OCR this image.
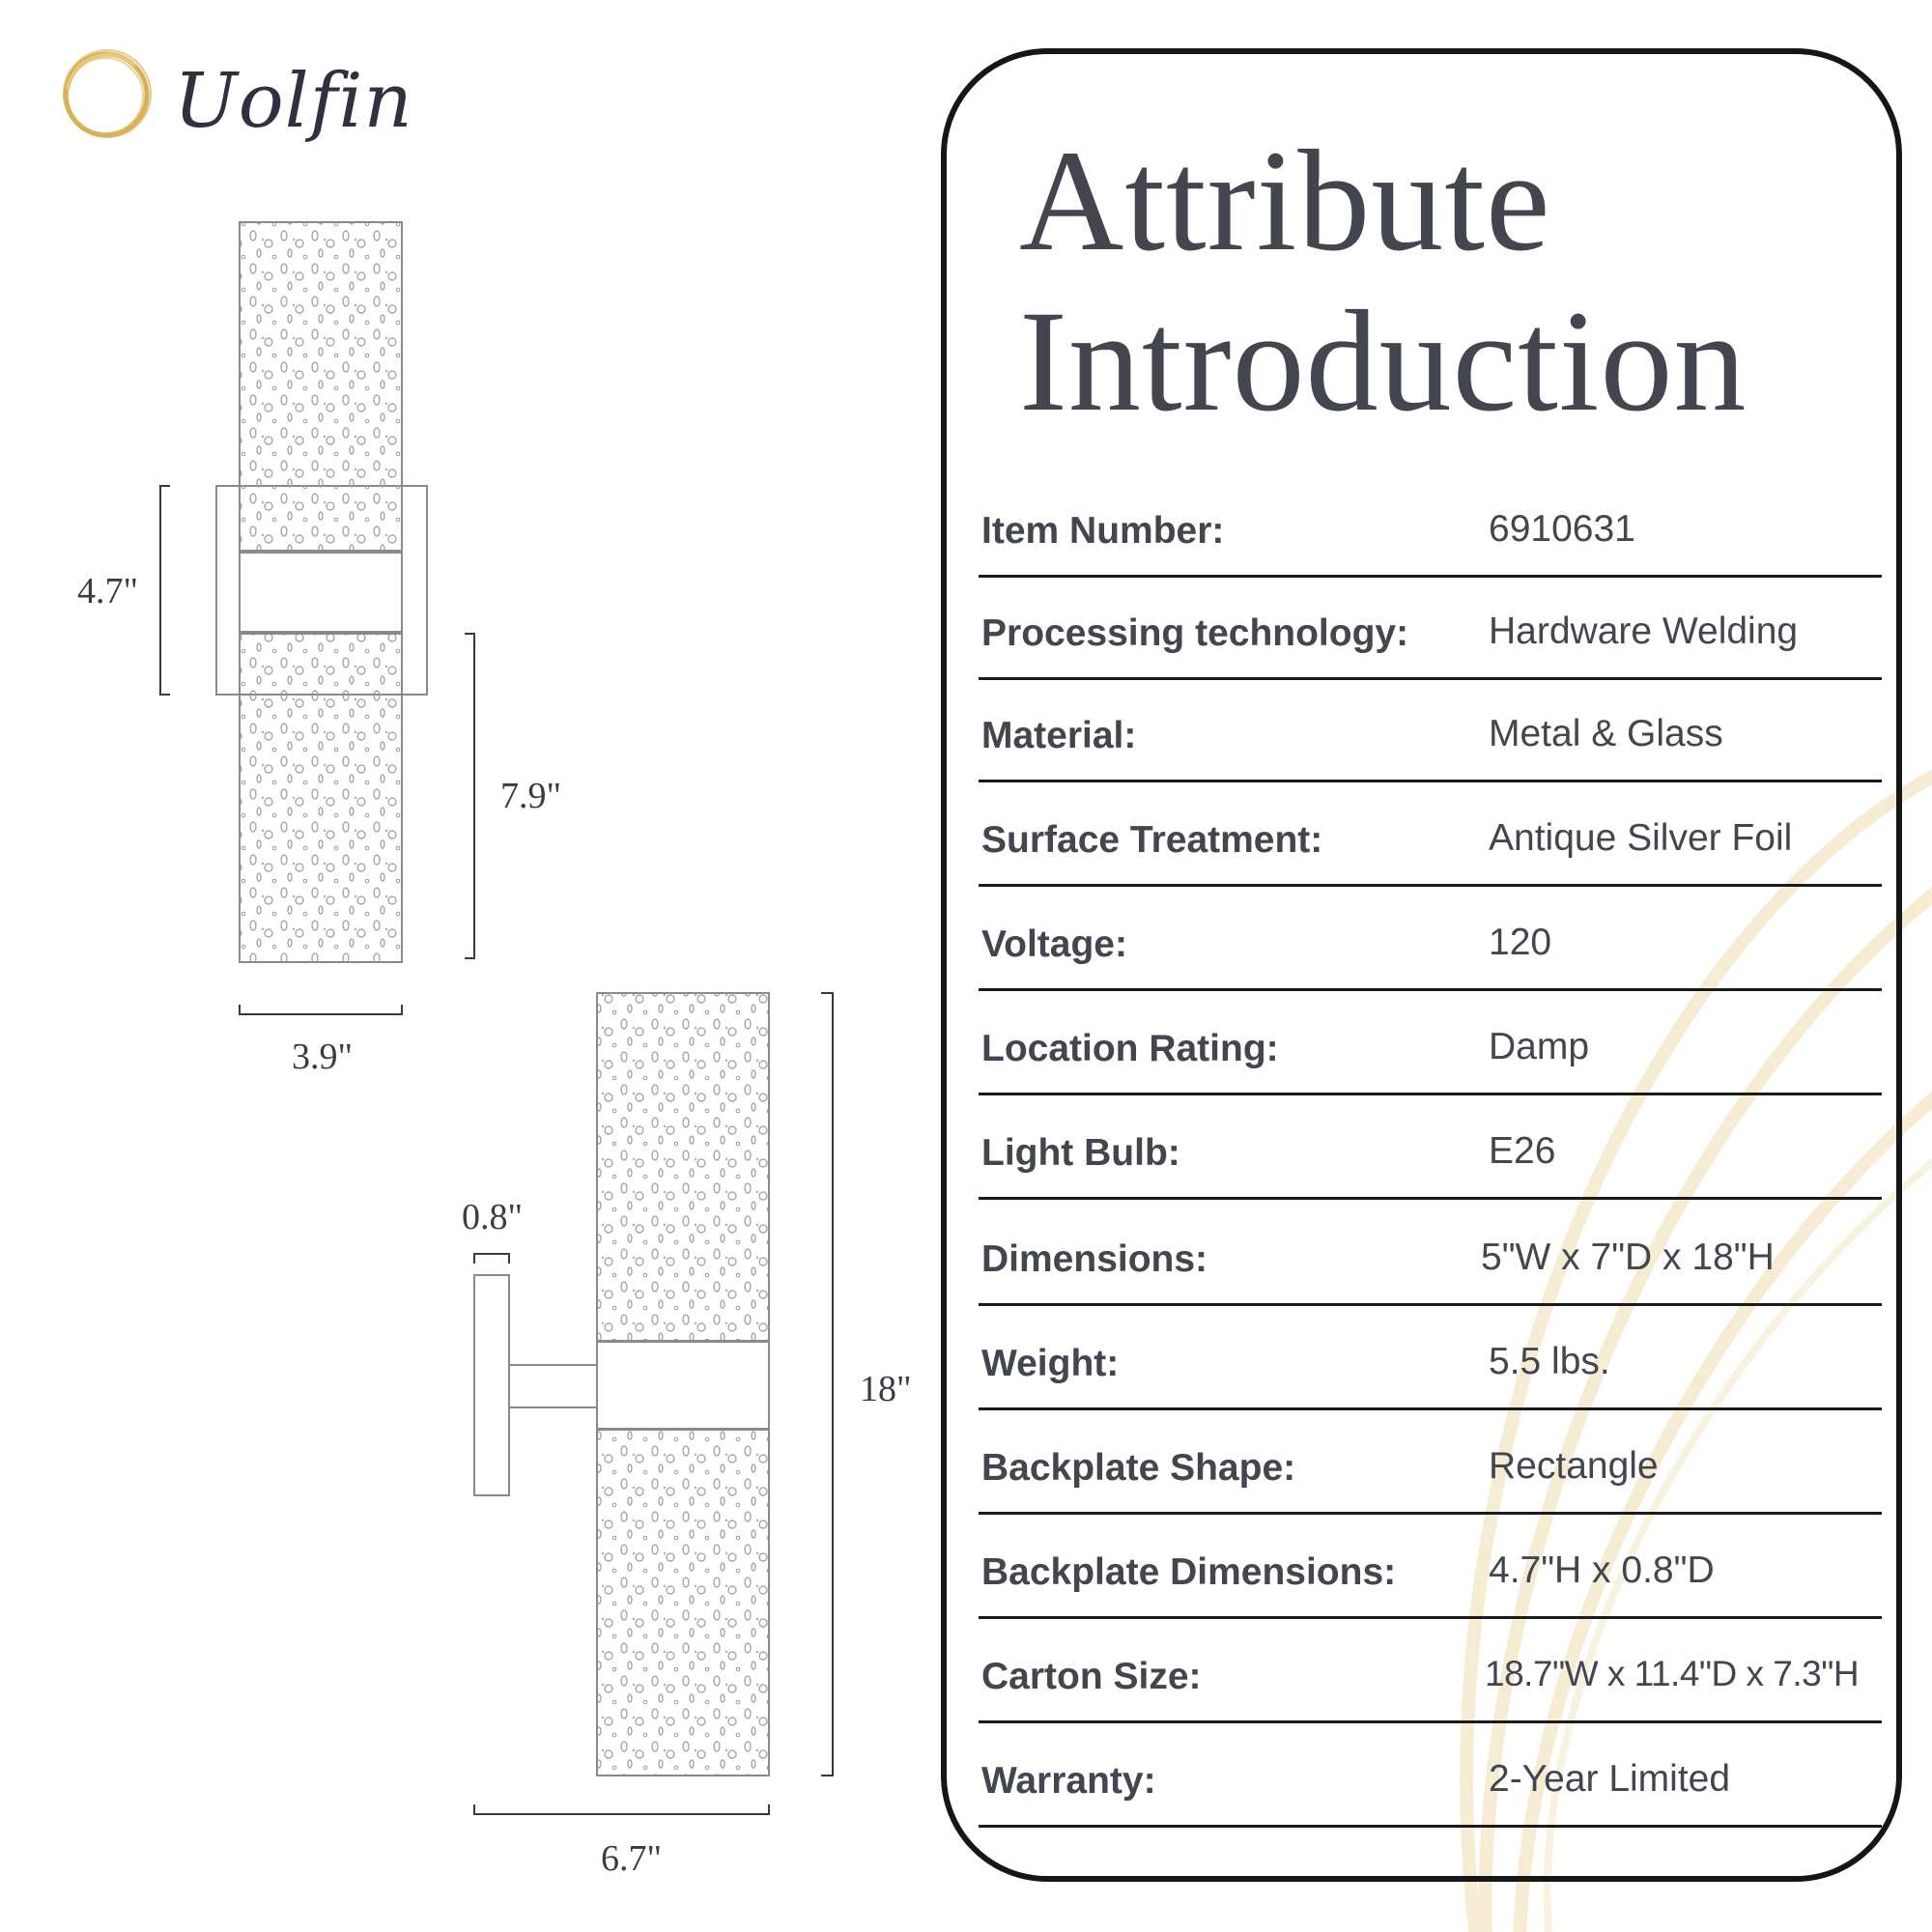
Uolfin
4.7"
7.9"
3.9"
0.8"
18"
6.7"
Attribute
Introduction
Item Number:	6910631
Processing technology: Hardware Welding
Material:	Metal & Glass
Surface Treatment:	Antique Silver Foil
Voltage:	120
Location Rating:	Damp
Light Bulb:	E26
Dimensions:	5"W x 7"D x 18"H
Weight:	5.5 lbs.
Backplate Shape:	Rectangle
Backplate Dimensions: 4.7"H x 0.8"D
Carton Size:	18.7"W x 11.4"D x 7.3"H
Warranty:	2-Year Limited
